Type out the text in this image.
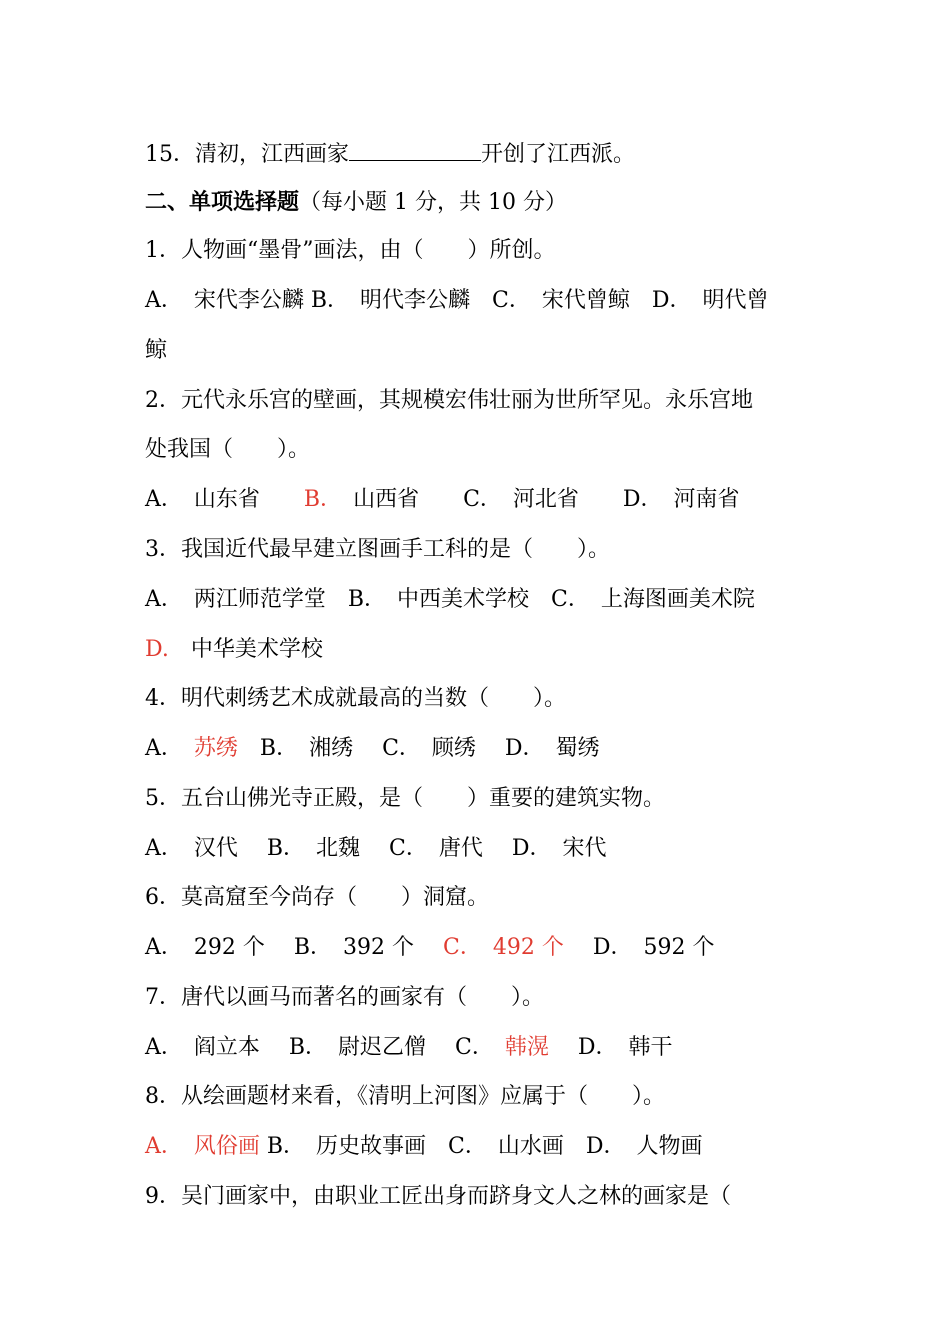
15．清初，江西画家	开创了江西派。
二、单项选择题（每小题 1 分，共 10 分）
1．人物画“墨骨”画法，由（　　）所创。
A．　宋代李公麟 B．　明代李公麟　C．　宋代曾鲸　D．　明代曾
鲸
2．元代永乐宫的壁画，其规模宏伟壮丽为世所罕见。永乐宫地
处我国（　　）。
A．　山东省　　B．　山西省　　C．　河北省　　D．　河南省
3．我国近代最早建立图画手工科的是（　　）。
A．　两江师范学堂　B．　中西美术学校　C．　上海图画美术院
D.　中华美术学校
4．明代刺绣艺术成就最高的当数（　　）。
A．　苏绣　B．　湘绣　 C．　顾绣　 D．　蜀绣
5．五台山佛光寺正殿，是（　　）重要的建筑实物。
A．　汉代　 B．　北魏　 C．　唐代　 D．　宋代
6．莫高窟至今尚存（　　）洞窟。
A．　292 个　 B．　392 个　 C．　492 个　 D．　592 个
7．唐代以画马而著名的画家有（　　）。
A．　阎立本　 B．　尉迟乙僧　 C．　韩滉　 D．　韩干
8．从绘画题材来看，《清明上河图》应属于（　　）。
A．　风俗画 B．　历史故事画　C．　山水画　D．　人物画
9．吴门画家中，由职业工匠出身而跻身文人之林的画家是（
